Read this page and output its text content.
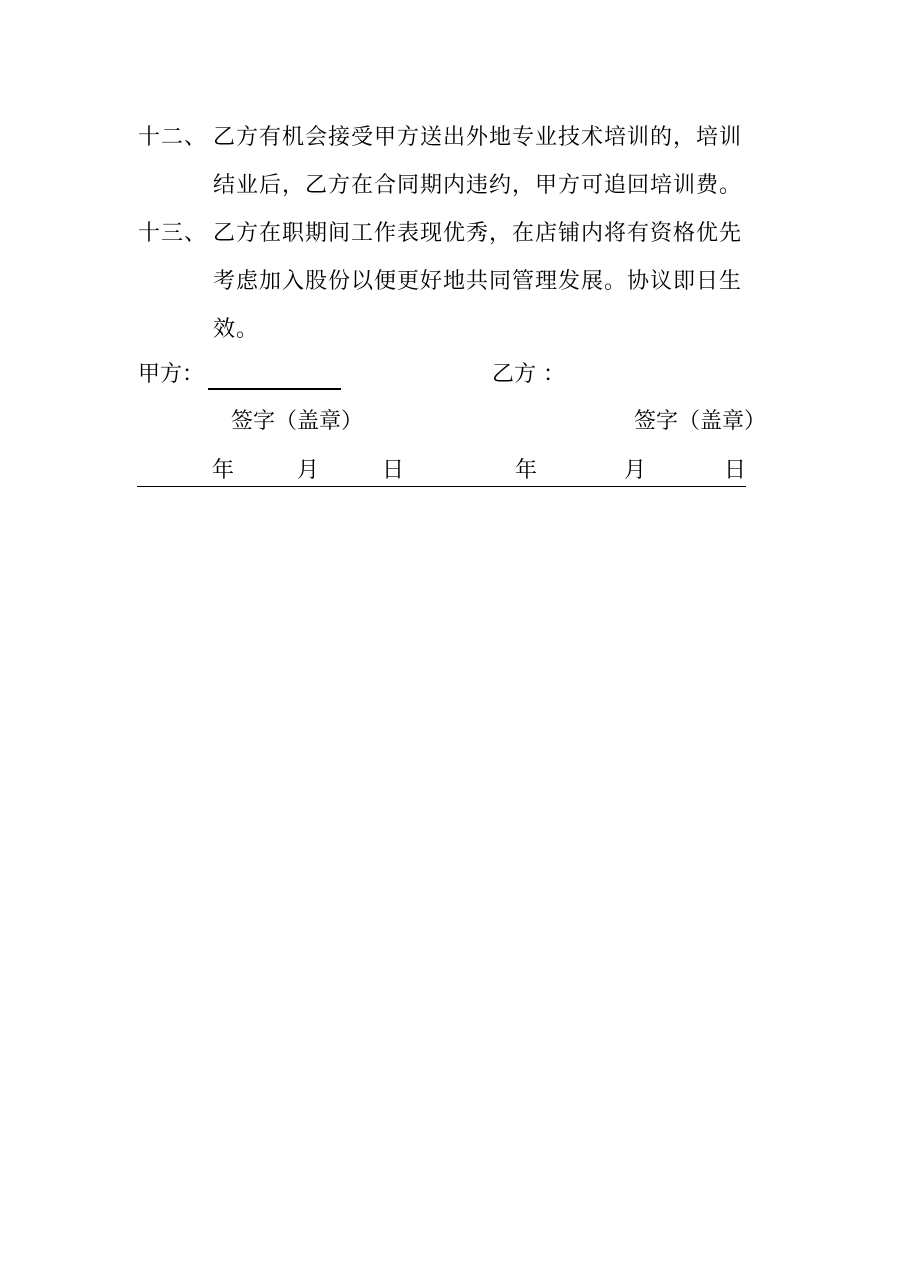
十二、 乙方有机会接受甲方送出外地专业技术培训的，培训
结业后，乙方在合同期内违约，甲方可追回培训费。
十三、 乙方在职期间工作表现优秀，在店铺内将有资格优先
考虑加入股份以便更好地共同管理发展。协议即日生
效。
甲方：	乙方 ：
签字（盖章）	签字（盖章）
年	月	日	年	月	日
